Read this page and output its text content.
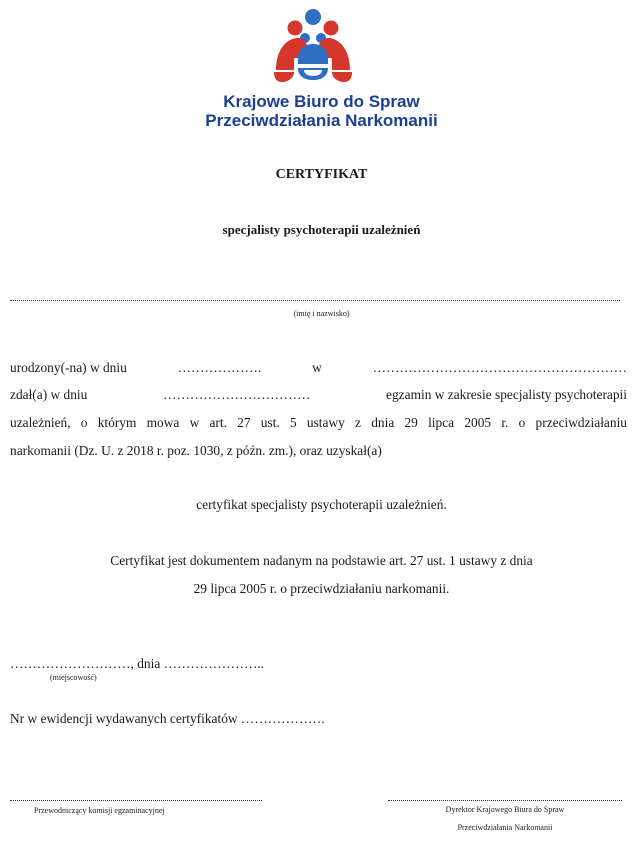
Krajowe Biuro do Spraw
Przeciwdziałania Narkomanii
CERTYFIKAT
specjalisty psychoterapii uzależnień
(imię i nazwisko)
urodzony(-na) w dniu	……………….	w	…………………………………………………
zdał(a) w dniu	……………………………	egzamin w zakresie specjalisty psychoterapii
uzależnień, o którym mowa w art. 27 ust. 5 ustawy z dnia 29 lipca 2005 r. o przeciwdziałaniu
narkomanii (Dz. U. z 2018 r. poz. 1030, z późn. zm.), oraz uzyskał(a)
certyfikat specjalisty psychoterapii uzależnień.
Certyfikat jest dokumentem nadanym na podstawie art. 27 ust. 1 ustawy z dnia
29 lipca 2005 r. o przeciwdziałaniu narkomanii.
………………………, dnia …………………..
(miejscowość)
Nr w ewidencji wydawanych certyfikatów ……………….
Przewodniczący komisji egzaminacyjnej	Dyrektor Krajowego Biura do Spraw
Przeciwdziałania Narkomanii
